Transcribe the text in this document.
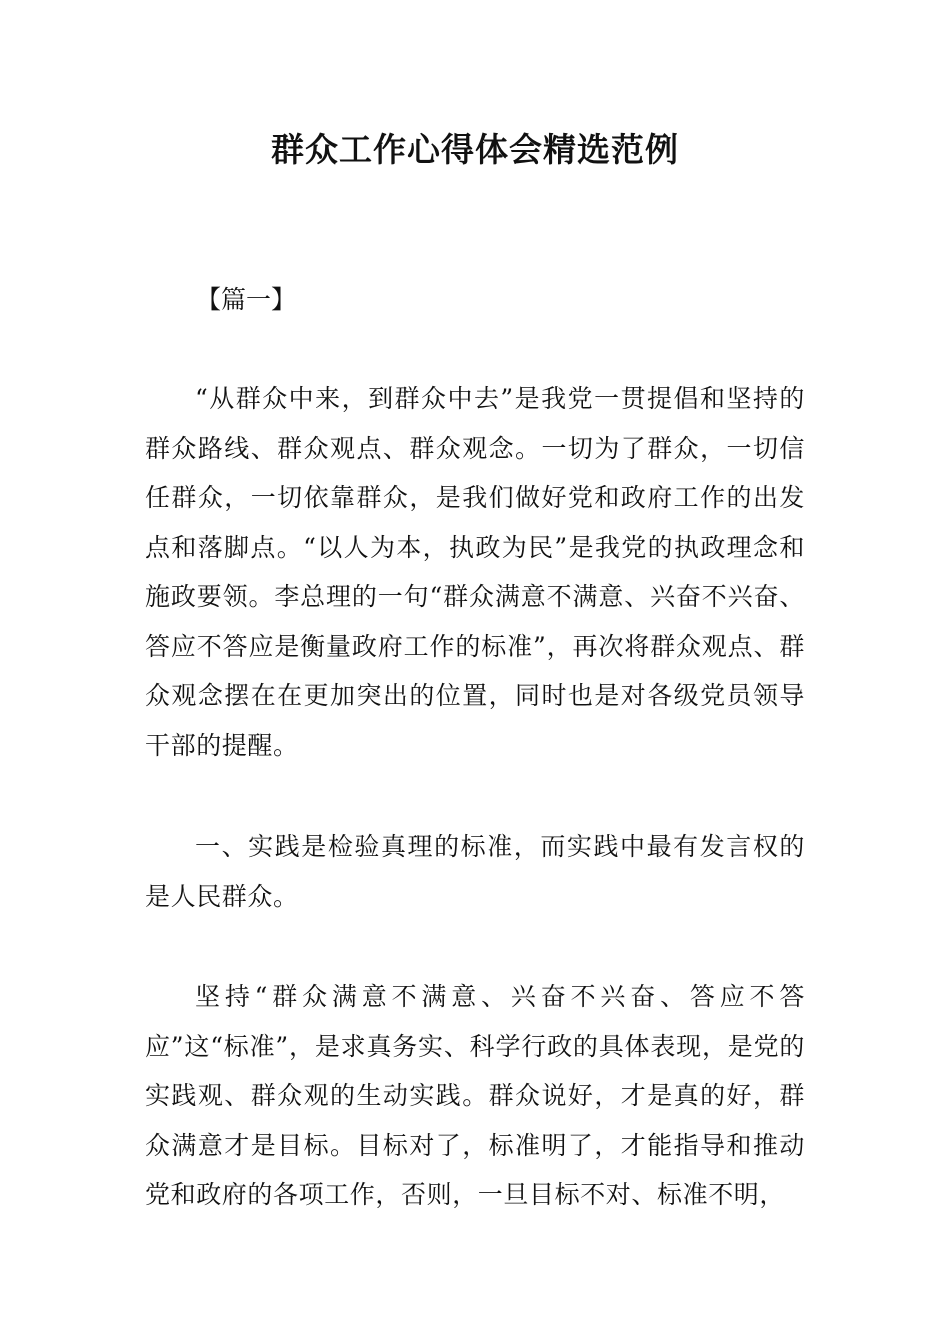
群众工作心得体会精选范例

【篇一】

“从群众中来，到群众中去”是我党一贯提倡和坚持的群众路线、群众观点、群众观念。一切为了群众，一切信任群众，一切依靠群众，是我们做好党和政府工作的出发点和落脚点。“以人为本，执政为民”是我党的执政理念和施政要领。李总理的一句“群众满意不满意、兴奋不兴奋、答应不答应是衡量政府工作的标准”，再次将群众观点、群众观念摆在在更加突出的位置，同时也是对各级党员领导干部的提醒。

一、实践是检验真理的标准，而实践中最有发言权的是人民群众。

坚持“群众满意不满意、兴奋不兴奋、答应不答应”这“标准”，是求真务实、科学行政的具体表现，是党的实践观、群众观的生动实践。群众说好，才是真的好，群众满意才是目标。目标对了，标准明了，才能指导和推动党和政府的各项工作，否则，一旦目标不对、标准不明，
